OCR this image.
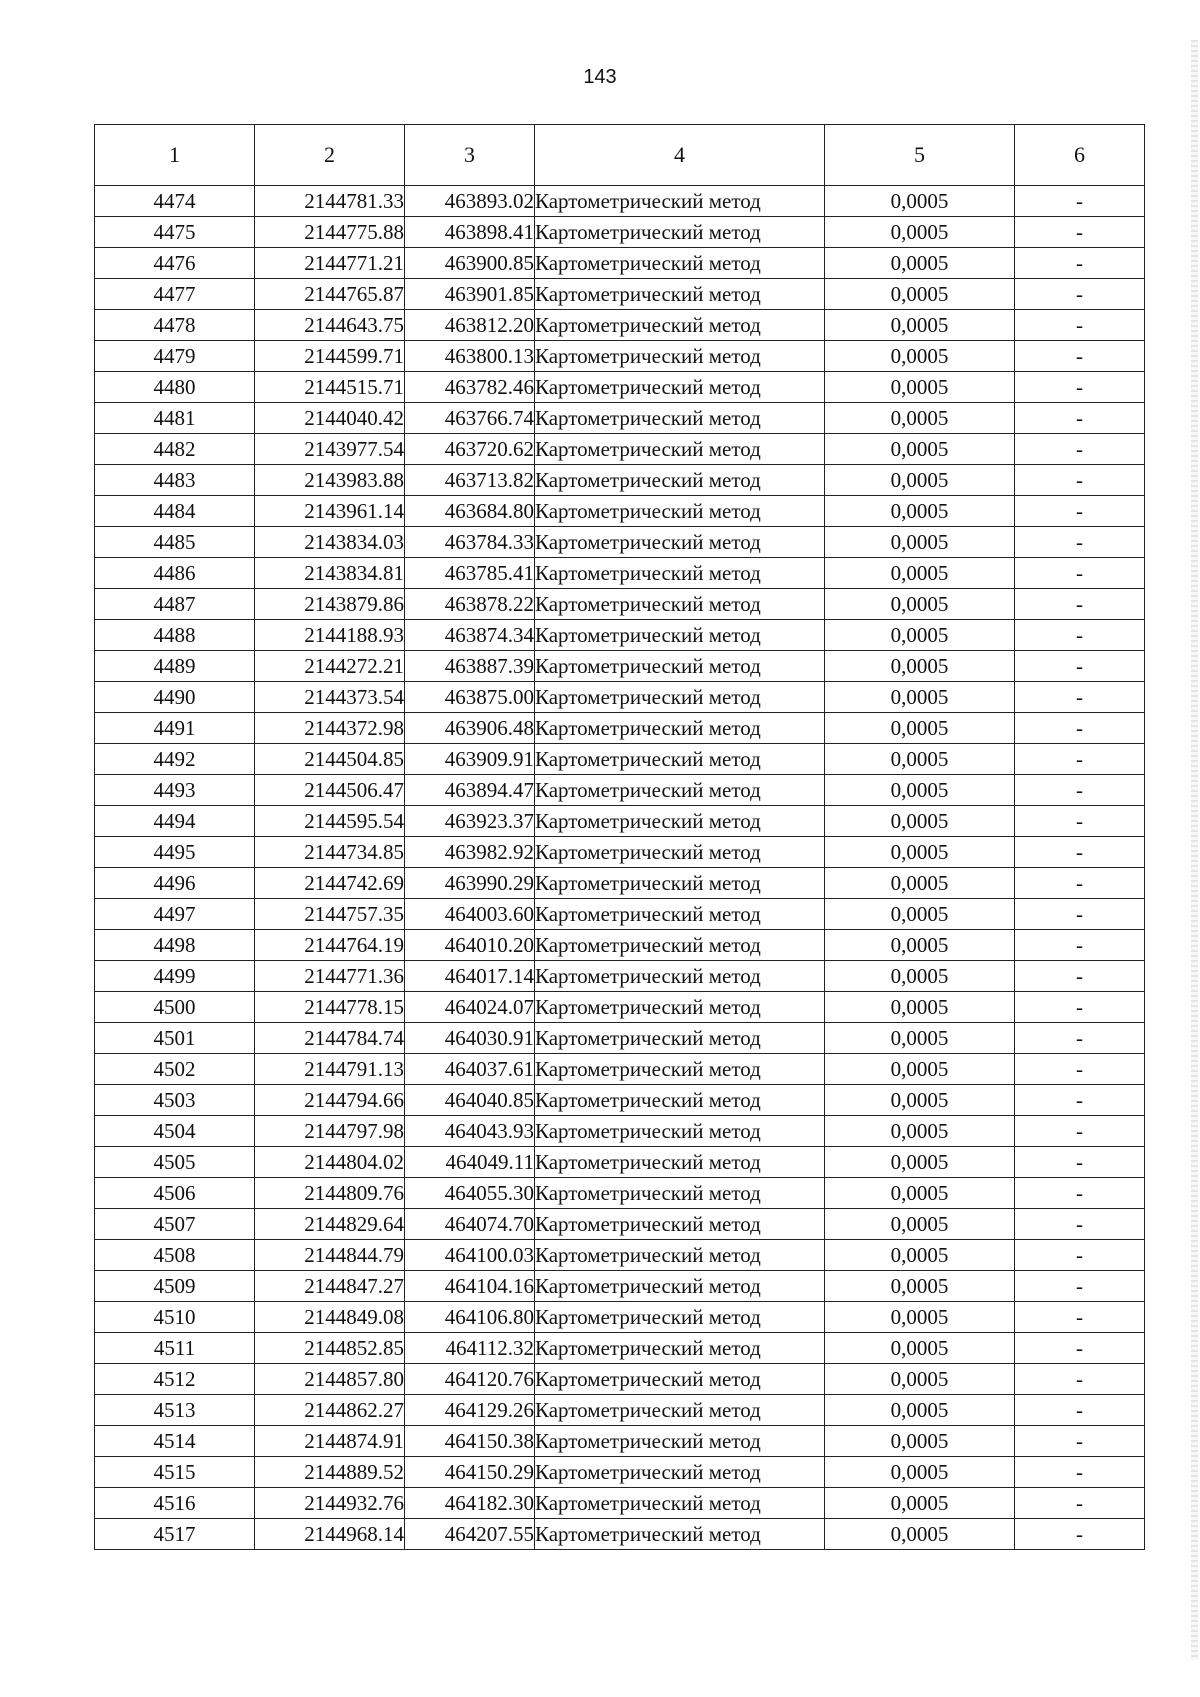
143
1	2	3	4	5	6
4474	2144781.33	463893.02	Картометрический метод	0,0005	-
4475	2144775.88	463898.41	Картометрический метод	0,0005	-
4476	2144771.21	463900.85	Картометрический метод	0,0005	-
4477	2144765.87	463901.85	Картометрический метод	0,0005	-
4478	2144643.75	463812.20	Картометрический метод	0,0005	-
4479	2144599.71	463800.13	Картометрический метод	0,0005	-
4480	2144515.71	463782.46	Картометрический метод	0,0005	-
4481	2144040.42	463766.74	Картометрический метод	0,0005	-
4482	2143977.54	463720.62	Картометрический метод	0,0005	-
4483	2143983.88	463713.82	Картометрический метод	0,0005	-
4484	2143961.14	463684.80	Картометрический метод	0,0005	-
4485	2143834.03	463784.33	Картометрический метод	0,0005	-
4486	2143834.81	463785.41	Картометрический метод	0,0005	-
4487	2143879.86	463878.22	Картометрический метод	0,0005	-
4488	2144188.93	463874.34	Картометрический метод	0,0005	-
4489	2144272.21	463887.39	Картометрический метод	0,0005	-
4490	2144373.54	463875.00	Картометрический метод	0,0005	-
4491	2144372.98	463906.48	Картометрический метод	0,0005	-
4492	2144504.85	463909.91	Картометрический метод	0,0005	-
4493	2144506.47	463894.47	Картометрический метод	0,0005	-
4494	2144595.54	463923.37	Картометрический метод	0,0005	-
4495	2144734.85	463982.92	Картометрический метод	0,0005	-
4496	2144742.69	463990.29	Картометрический метод	0,0005	-
4497	2144757.35	464003.60	Картометрический метод	0,0005	-
4498	2144764.19	464010.20	Картометрический метод	0,0005	-
4499	2144771.36	464017.14	Картометрический метод	0,0005	-
4500	2144778.15	464024.07	Картометрический метод	0,0005	-
4501	2144784.74	464030.91	Картометрический метод	0,0005	-
4502	2144791.13	464037.61	Картометрический метод	0,0005	-
4503	2144794.66	464040.85	Картометрический метод	0,0005	-
4504	2144797.98	464043.93	Картометрический метод	0,0005	-
4505	2144804.02	464049.11	Картометрический метод	0,0005	-
4506	2144809.76	464055.30	Картометрический метод	0,0005	-
4507	2144829.64	464074.70	Картометрический метод	0,0005	-
4508	2144844.79	464100.03	Картометрический метод	0,0005	-
4509	2144847.27	464104.16	Картометрический метод	0,0005	-
4510	2144849.08	464106.80	Картометрический метод	0,0005	-
4511	2144852.85	464112.32	Картометрический метод	0,0005	-
4512	2144857.80	464120.76	Картометрический метод	0,0005	-
4513	2144862.27	464129.26	Картометрический метод	0,0005	-
4514	2144874.91	464150.38	Картометрический метод	0,0005	-
4515	2144889.52	464150.29	Картометрический метод	0,0005	-
4516	2144932.76	464182.30	Картометрический метод	0,0005	-
4517	2144968.14	464207.55	Картометрический метод	0,0005	-
